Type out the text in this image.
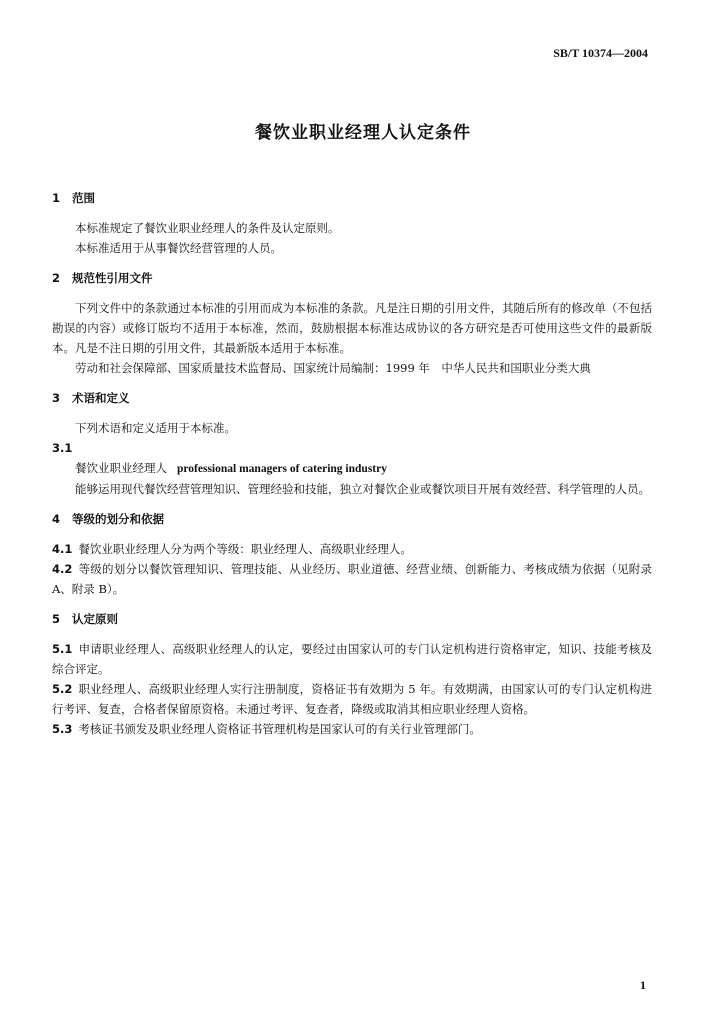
SB/T 10374—2004
餐饮业职业经理人认定条件
1 范围
本标准规定了餐饮业职业经理人的条件及认定原则。
本标准适用于从事餐饮经营管理的人员。
2 规范性引用文件
下列文件中的条款通过本标准的引用而成为本标准的条款。凡是注日期的引用文件，其随后所有的修改单（不包括勘误的内容）或修订版均不适用于本标准，然而，鼓励根据本标准达成协议的各方研究是否可使用这些文件的最新版本。凡是不注日期的引用文件，其最新版本适用于本标准。
劳动和社会保障部、国家质量技术监督局、国家统计局编制：1999 年　中华人民共和国职业分类大典
3 术语和定义
下列术语和定义适用于本标准。
3.1
餐饮业职业经理人 professional managers of catering industry
能够运用现代餐饮经营管理知识、管理经验和技能，独立对餐饮企业或餐饮项目开展有效经营、科学管理的人员。
4 等级的划分和依据
4.1 餐饮业职业经理人分为两个等级：职业经理人、高级职业经理人。
4.2 等级的划分以餐饮管理知识、管理技能、从业经历、职业道德、经营业绩、创新能力、考核成绩为依据（见附录 A、附录 B）。
5 认定原则
5.1 申请职业经理人、高级职业经理人的认定，要经过由国家认可的专门认定机构进行资格审定，知识、技能考核及综合评定。
5.2 职业经理人、高级职业经理人实行注册制度，资格证书有效期为 5 年。有效期满，由国家认可的专门认定机构进行考评、复查，合格者保留原资格。未通过考评、复查者，降级或取消其相应职业经理人资格。
5.3 考核证书颁发及职业经理人资格证书管理机构是国家认可的有关行业管理部门。
1
